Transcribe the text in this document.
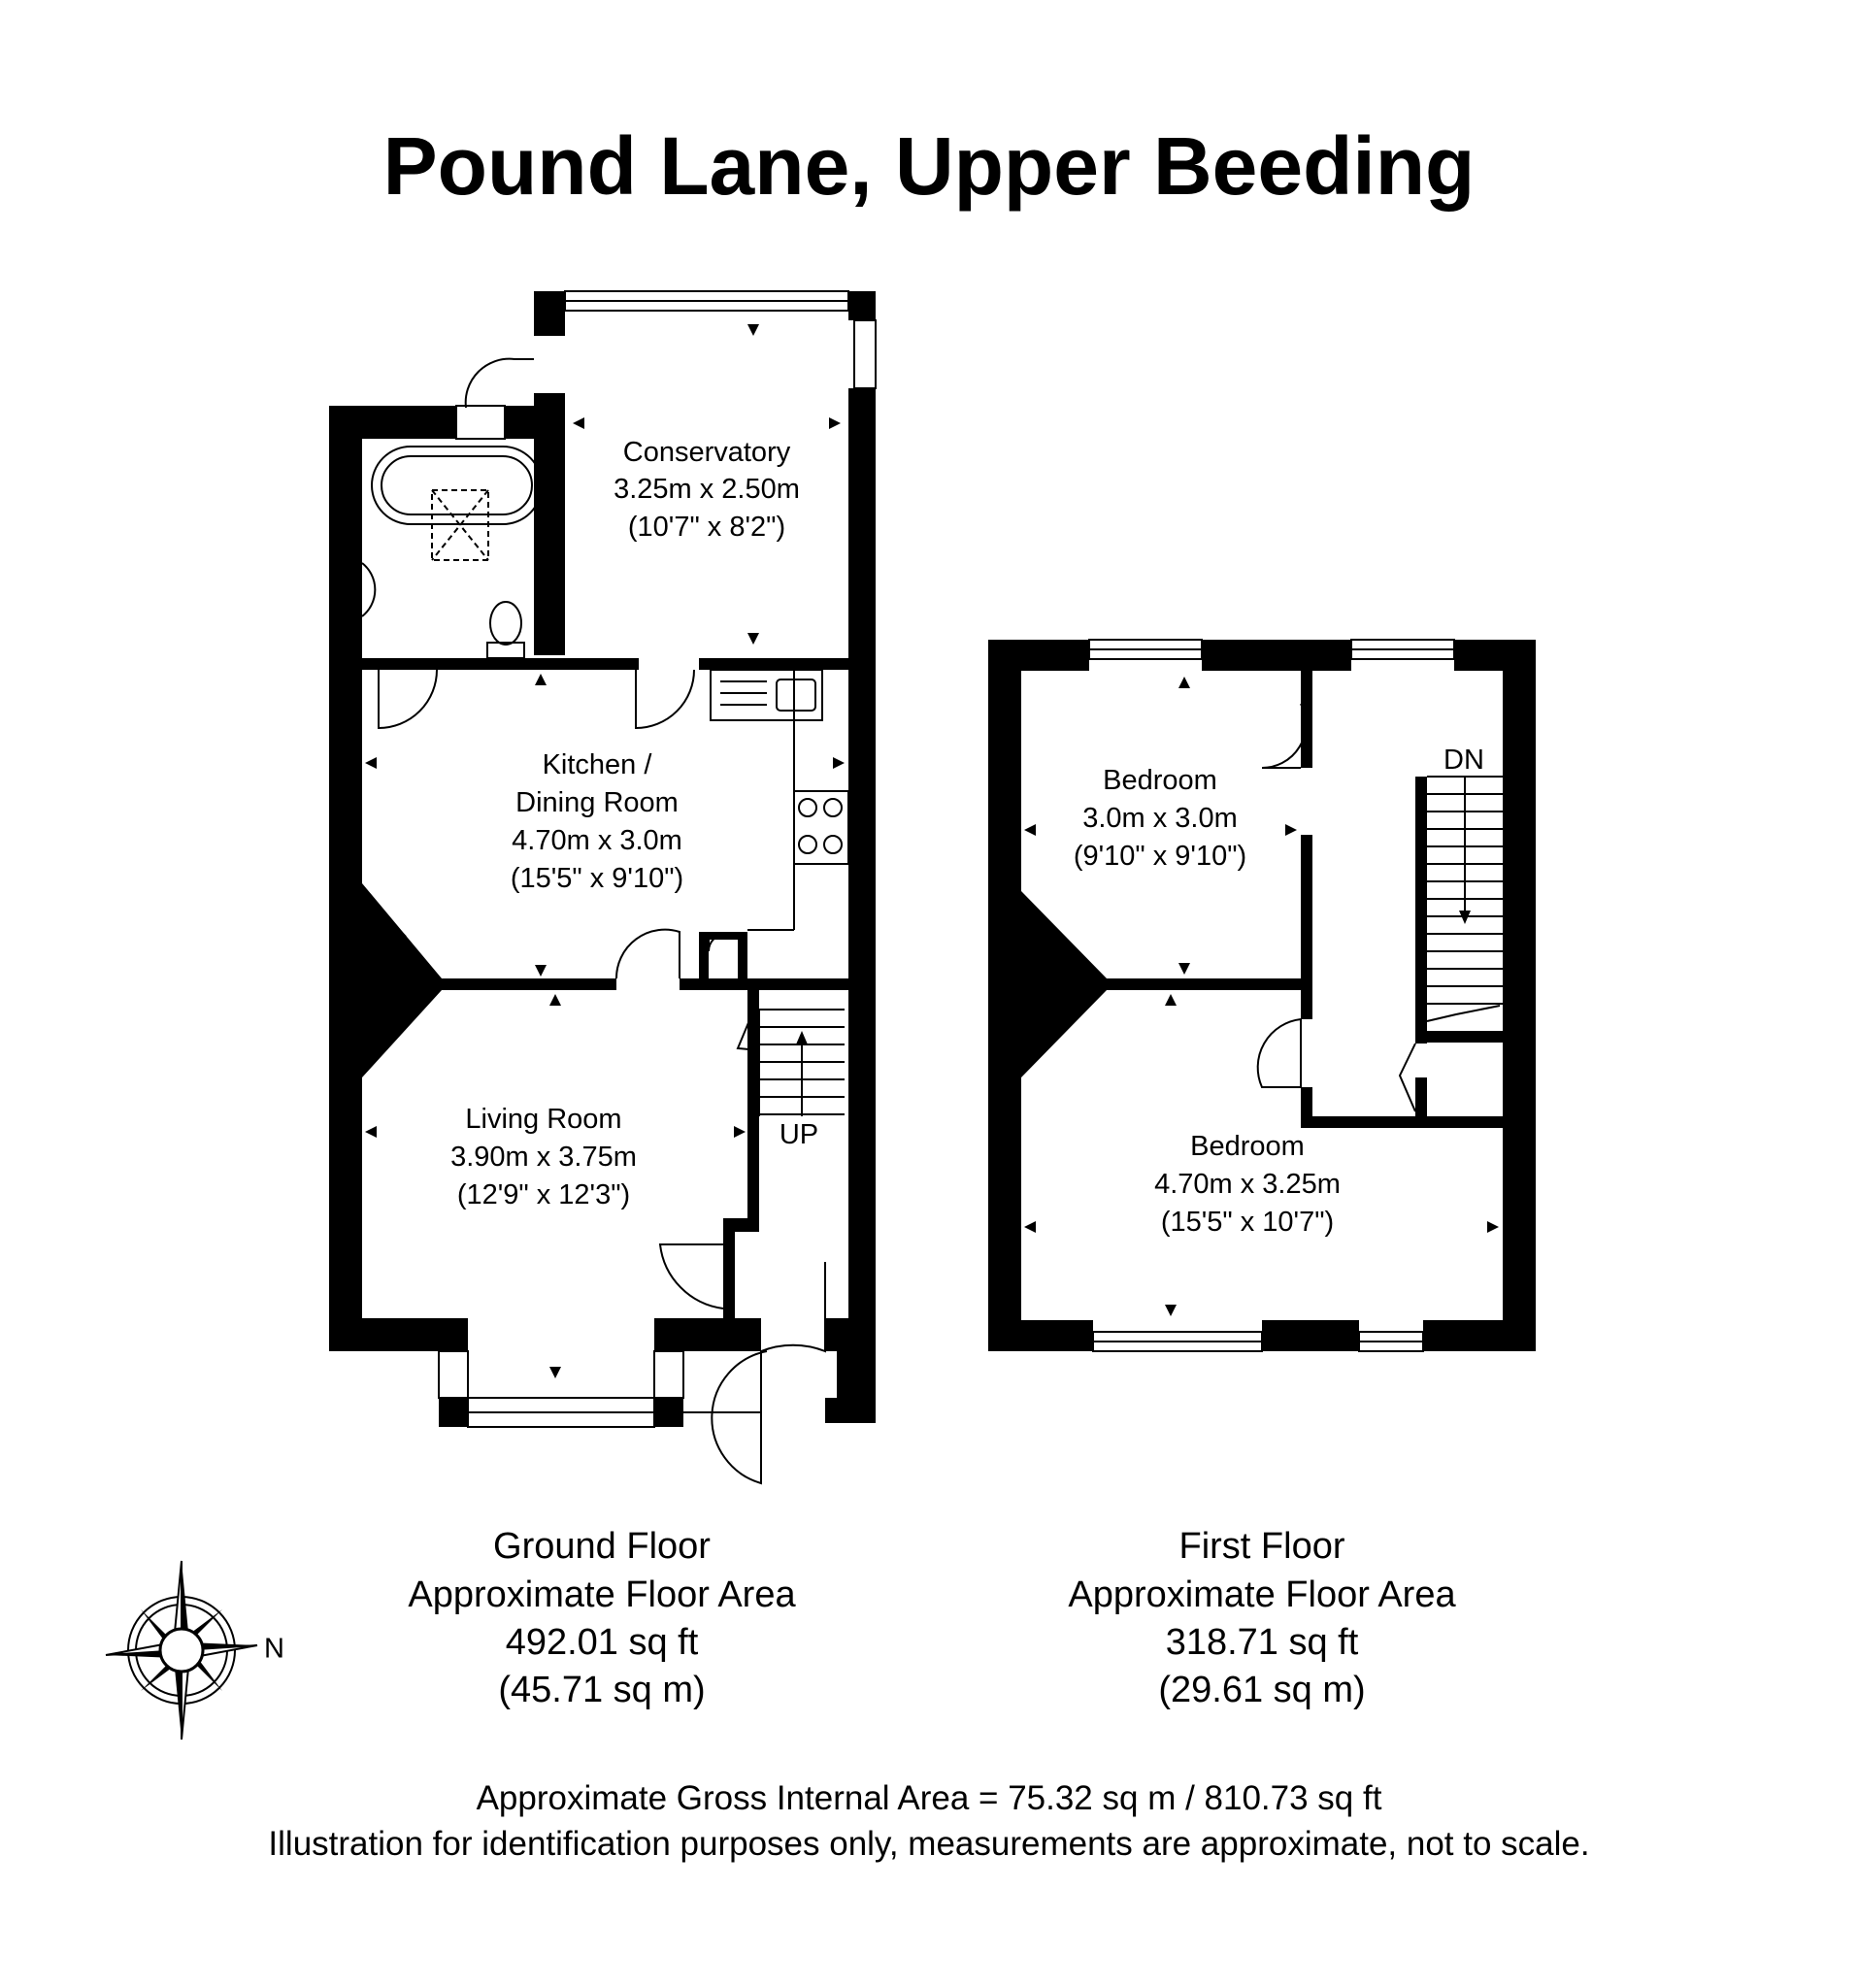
Pound Lane, Upper Beeding
UP
Conservatory
3.25m x 2.50m
(10'7" x 8'2")
Kitchen /
Dining Room
4.70m x 3.0m
(15'5" x 9'10")
Living Room
3.90m x 3.75m
(12'9" x 12'3")
DN
Bedroom
3.0m x 3.0m
(9'10" x 9'10")
Bedroom
4.70m x 3.25m
(15'5" x 10'7")
N
Ground Floor
Approximate Floor Area
492.01 sq ft
(45.71 sq m)
First Floor
Approximate Floor Area
318.71 sq ft
(29.61 sq m)
Approximate Gross Internal Area = 75.32 sq m / 810.73 sq ft
Illustration for identification purposes only, measurements are approximate, not to scale.
